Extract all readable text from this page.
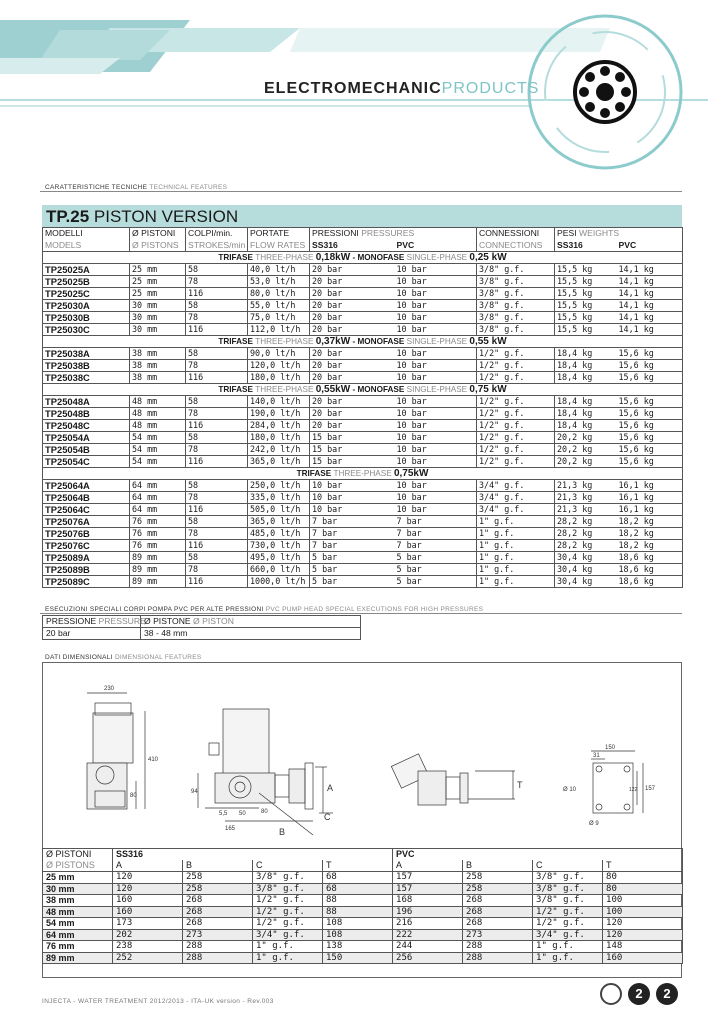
ELECTROMECHANICPRODUCTS
CARATTERISTICHE TECNICHE TECHNICAL FEATURES
TP.25 PISTON VERSION
MODELLI	Ø PISTONI	COLPI/min.	PORTATE	PRESSIONI PRESSURES		CONNESSIONI	PESI WEIGHTS	
MODELS	Ø PISTONS	STROKES/min	FLOW RATES	SS316	PVC	CONNECTIONS	SS316	PVC
TRIFASE THREE-PHASE 0,18kW - MONOFASE SINGLE-PHASE 0,25 kW								
TP25025A	25 mm	58	40,0 lt/h	20 bar	10 bar	3/8" g.f.	15,5 kg	14,1 kg
TP25025B	25 mm	78	53,0 lt/h	20 bar	10 bar	3/8" g.f.	15,5 kg	14,1 kg
TP25025C	25 mm	116	80,0 lt/h	20 bar	10 bar	3/8" g.f.	15,5 kg	14,1 kg
TP25030A	30 mm	58	55,0 lt/h	20 bar	10 bar	3/8" g.f.	15,5 kg	14,1 kg
TP25030B	30 mm	78	75,0 lt/h	20 bar	10 bar	3/8" g.f.	15,5 kg	14,1 kg
TP25030C	30 mm	116	112,0 lt/h	20 bar	10 bar	3/8" g.f.	15,5 kg	14,1 kg
TRIFASE THREE-PHASE 0,37kW - MONOFASE SINGLE-PHASE 0,55 kW								
TP25038A	38 mm	58	90,0 lt/h	20 bar	10 bar	1/2" g.f.	18,4 kg	15,6 kg
TP25038B	38 mm	78	120,0 lt/h	20 bar	10 bar	1/2" g.f.	18,4 kg	15,6 kg
TP25038C	38 mm	116	180,0 lt/h	20 bar	10 bar	1/2" g.f.	18,4 kg	15,6 kg
TRIFASE THREE-PHASE 0,55kW - MONOFASE SINGLE-PHASE 0,75 kW								
TP25048A	48 mm	58	140,0 lt/h	20 bar	10 bar	1/2" g.f.	18,4 kg	15,6 kg
TP25048B	48 mm	78	190,0 lt/h	20 bar	10 bar	1/2" g.f.	18,4 kg	15,6 kg
TP25048C	48 mm	116	284,0 lt/h	20 bar	10 bar	1/2" g.f.	18,4 kg	15,6 kg
TP25054A	54 mm	58	180,0 lt/h	15 bar	10 bar	1/2" g.f.	20,2 kg	15,6 kg
TP25054B	54 mm	78	242,0 lt/h	15 bar	10 bar	1/2" g.f.	20,2 kg	15,6 kg
TP25054C	54 mm	116	365,0 lt/h	15 bar	10 bar	1/2" g.f.	20,2 kg	15,6 kg
TRIFASE THREE-PHASE 0,75kW								
TP25064A	64 mm	58	250,0 lt/h	10 bar	10 bar	3/4" g.f.	21,3 kg	16,1 kg
TP25064B	64 mm	78	335,0 lt/h	10 bar	10 bar	3/4" g.f.	21,3 kg	16,1 kg
TP25064C	64 mm	116	505,0 lt/h	10 bar	10 bar	3/4" g.f.	21,3 kg	16,1 kg
TP25076A	76 mm	58	365,0 lt/h	7 bar	7 bar	1" g.f.	28,2 kg	18,2 kg
TP25076B	76 mm	78	485,0 lt/h	7 bar	7 bar	1" g.f.	28,2 kg	18,2 kg
TP25076C	76 mm	116	730,0 lt/h	7 bar	7 bar	1" g.f.	28,2 kg	18,2 kg
TP25089A	89 mm	58	495,0 lt/h	5 bar	5 bar	1" g.f.	30,4 kg	18,6 kg
TP25089B	89 mm	78	660,0 lt/h	5 bar	5 bar	1" g.f.	30,4 kg	18,6 kg
TP25089C	89 mm	116	1000,0 lt/h	5 bar	5 bar	1" g.f.	30,4 kg	18,6 kg
ESECUZIONI SPECIALI CORPI POMPA PVC PER ALTE PRESSIONI PVC PUMP HEAD SPECIAL EXECUTIONS FOR HIGH PRESSURES
PRESSIONE PRESSURE	Ø PISTONE Ø PISTON
20 bar	38 - 48 mm
DATI DIMENSIONALI DIMENSIONAL FEATURES
230
410
80
94
5,5 50	80
165	B
A
C
T
150
31
157
122
Ø 10
Ø 9
Ø PISTONI	SS316				PVC			
Ø PISTONS	A	B	C	T	A	B	C	T
25 mm	120	258	3/8" g.f.	68	157	258	3/8" g.f.	80
30 mm	120	258	3/8" g.f.	68	157	258	3/8" g.f.	80
38 mm	160	268	1/2" g.f.	88	168	268	3/8" g.f.	100
48 mm	160	268	1/2" g.f.	88	196	268	1/2" g.f.	100
54 mm	173	268	1/2" g.f.	108	216	268	1/2" g.f.	120
64 mm	202	273	3/4" g.f.	108	222	273	3/4" g.f.	120
76 mm	238	288	1" g.f.	138	244	288	1" g.f.	148
89 mm	252	288	1" g.f.	150	256	288	1" g.f.	160
INJECTA - WATER TREATMENT 2012/2013 - ITA-UK version - Rev.003
2	2
